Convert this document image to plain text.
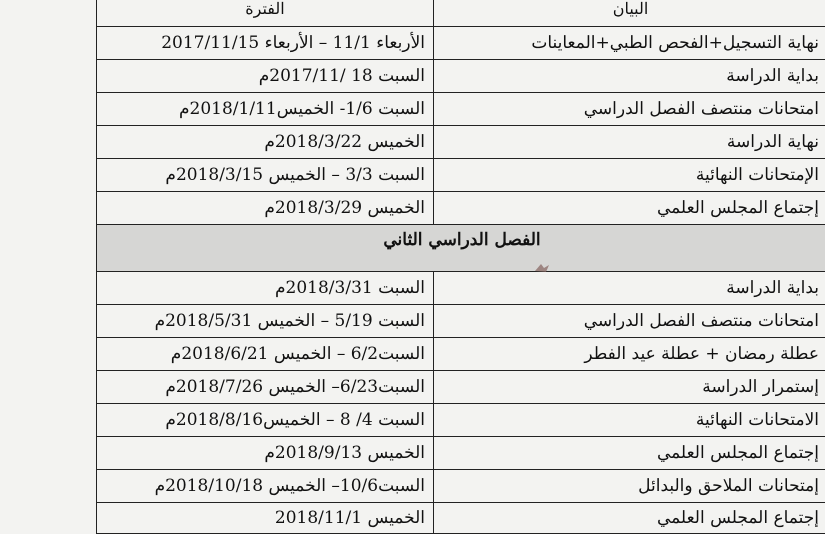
الفترة	البيان
الأربعاء 11/1 – الأربعاء 2017/11/15	نهاية التسجيل+الفحص الطبي+المعاينات
السبت 18 /2017/11م	بداية الدراسة
السبت 1/6- الخميس2018/1/11م	امتحانات منتصف الفصل الدراسي
الخميس 2018/3/22م	نهاية الدراسة
السبت 3/3 – الخميس 2018/3/15م	الإمتحانات النهائية
الخميس 2018/3/29م	إجتماع المجلس العلمي
الفصل الدراسي الثاني	
السبت 2018/3/31م	بداية الدراسة
السبت 5/19 – الخميس 2018/5/31م	امتحانات منتصف الفصل الدراسي
السبت6/2 – الخميس 2018/6/21م	عطلة رمضان + عطلة عيد الفطر
السبت6/23– الخميس 2018/7/26م	إستمرار الدراسة
السبت 4/ 8 – الخميس2018/8/16م	الامتحانات النهائية
الخميس 2018/9/13م	إجتماع المجلس العلمي
السبت10/6– الخميس 2018/10/18م	إمتحانات الملاحق والبدائل
الخميس 2018/11/1	إجتماع المجلس العلمي
